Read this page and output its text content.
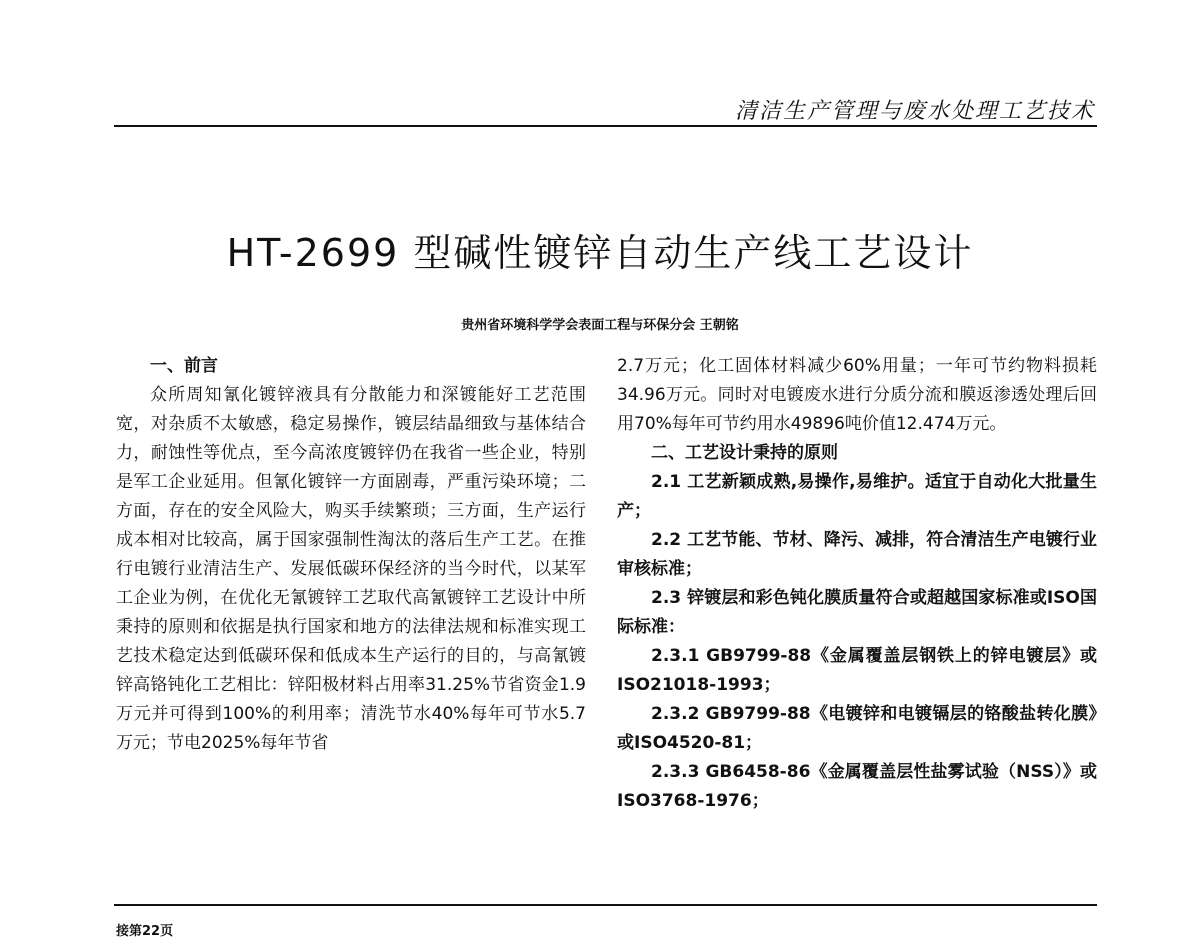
清洁生产管理与废水处理工艺技术
HT-2699 型碱性镀锌自动生产线工艺设计
贵州省环境科学学会表面工程与环保分会 王朝铭

一、前言

众所周知氰化镀锌液具有分散能力和深镀能好工艺范围宽，对杂质不太敏感，稳定易操作，镀层结晶细致与基体结合力，耐蚀性等优点，至今高浓度镀锌仍在我省一些企业，特别是军工企业延用。但氰化镀锌一方面剧毒，严重污染环境；二方面，存在的安全风险大，购买手续繁琐；三方面，生产运行成本相对比较高，属于国家强制性淘汰的落后生产工艺。在推行电镀行业清洁生产、发展低碳环保经济的当今时代，以某军工企业为例，在优化无氰镀锌工艺取代高氰镀锌工艺设计中所秉持的原则和依据是执行国家和地方的法律法规和标准实现工艺技术稳定达到低碳环保和低成本生产运行的目的，与高氰镀锌高铬钝化工艺相比：锌阳极材料占用率31.25%节省资金1.9万元并可得到100%的利用率；清洗节水40%每年可节水5.7万元；节电2025%每年节省

2.7万元；化工固体材料减少60%用量；一年可节约物料损耗34.96万元。同时对电镀废水进行分质分流和膜返渗透处理后回用70%每年可节约用水49896吨价值12.474万元。

二、工艺设计秉持的原则

2.1 工艺新颖成熟,易操作,易维护。适宜于自动化大批量生产；

2.2 工艺节能、节材、降污、减排，符合清洁生产电镀行业审核标准；

2.3 锌镀层和彩色钝化膜质量符合或超越国家标准或ISO国际标准：

2.3.1 GB9799-88《金属覆盖层钢铁上的锌电镀层》或ISO21018-1993；

2.3.2 GB9799-88《电镀锌和电镀镉层的铬酸盐转化膜》或ISO4520-81；

2.3.3 GB6458-86《金属覆盖层性盐雾试验（NSS）》或ISO3768-1976；

接第22页
